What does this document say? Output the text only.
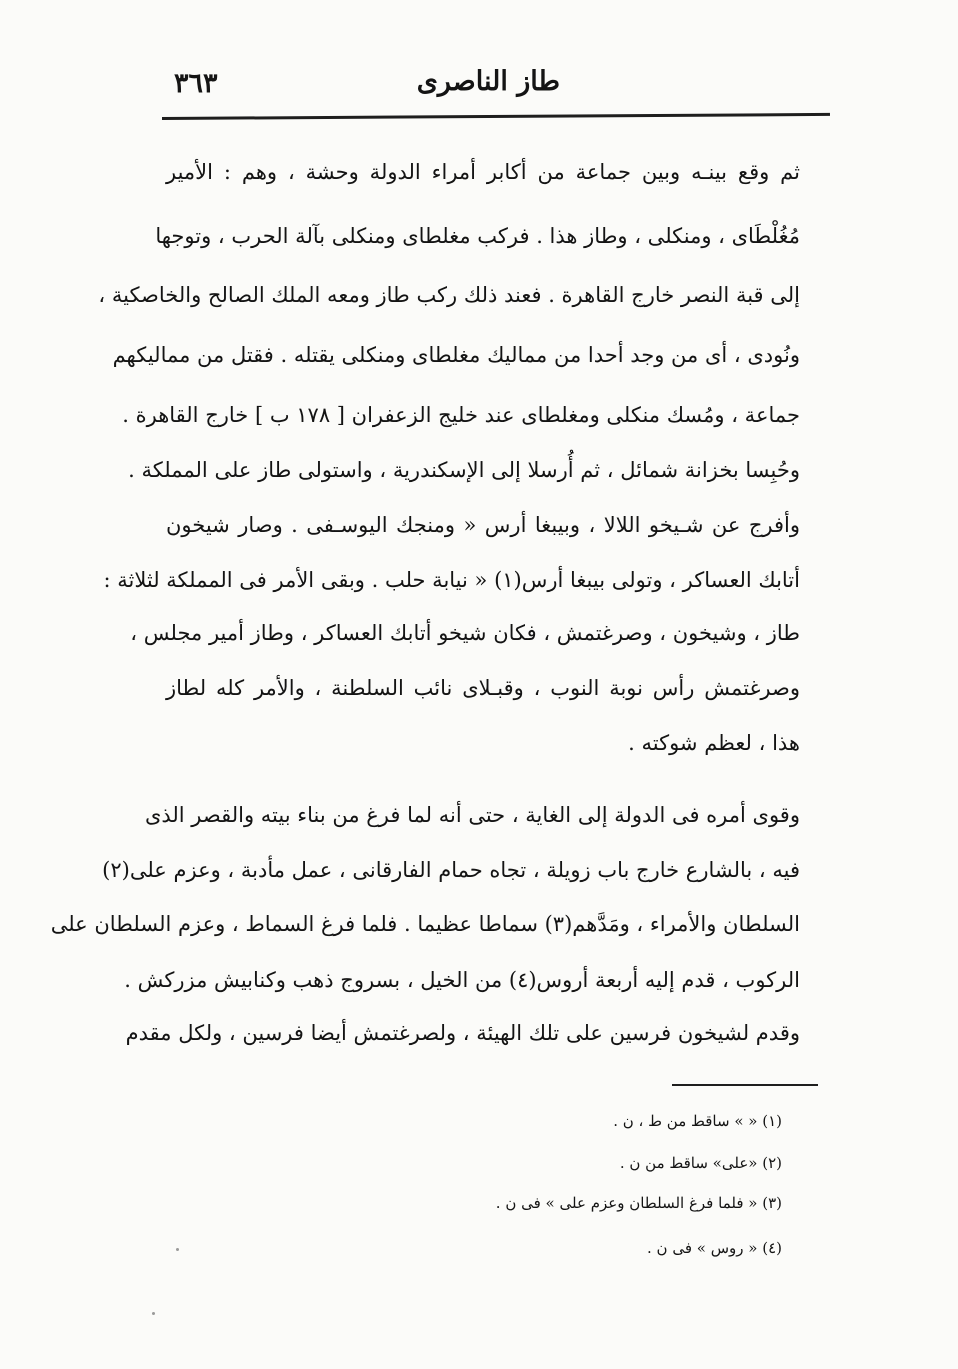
٣٦٣	طاز الناصرى
ثم وقع بينـه وبين جماعة من أكابر أمراء الدولة وحشة ، وهم : الأمير
مُغُلْطَاى ، ومنكلى ، وطاز هذا . فركب مغلطاى ومنكلى بآلة الحرب ، وتوجها
إلى قبة النصر خارج القاهرة . فعند ذلك ركب طاز ومعه الملك الصالح والخاصكية ،
ونُودى ، أى من وجد أحدا من مماليك مغلطاى ومنكلى يقتله . فقتل من مماليكهم
جماعة ، ومُسك منكلى ومغلطاى عند خليج الزعفران [ ١٧٨ ب ] خارج القاهرة .
وحُبِسا بخزانة شمائل ، ثم أُرسلا إلى الإسكندرية ، واستولى طاز على المملكة .
وأفرج عن شـيخو اللالا ، وبيبغا أرس « ومنجك اليوسـفى . وصار شيخون
أتابك العساكر ، وتولى بيبغا أرس(١) « نيابة حلب . وبقى الأمر فى المملكة لثلاثة :
طاز ، وشيخون ، وصرغتمش ، فكان شيخو أتابك العساكر ، وطاز أمير مجلس ،
وصرغتمش رأس نوبة النوب ، وقبـلاى نائب السلطنة ، والأمر كله لطاز
هذا ، لعظم شوكته .
وقوى أمره فى الدولة إلى الغاية ، حتى أنه لما فرغ من بناء بيته والقصر الذى
فيه ، بالشارع خارج باب زويلة ، تجاه حمام الفارقانى ، عمل مأدبة ، وعزم على(٢)
السلطان والأمراء ، ومَدَّهم(٣) سماطا عظيما . فلما فرغ السماط ، وعزم السلطان على
الركوب ، قدم إليه أربعة أروس(٤) من الخيل ، بسروج ذهب وكنابيش مزركش .
وقدم لشيخون فرسين على تلك الهيئة ، ولصرغتمش أيضا فرسين ، ولكل مقدم
(١) « » ساقط من ط ، ن .
(٢) «على» ساقط من ن .
(٣) « فلما فرغ السلطان وعزم على » فى ن .
(٤) « روس » فى ن .
